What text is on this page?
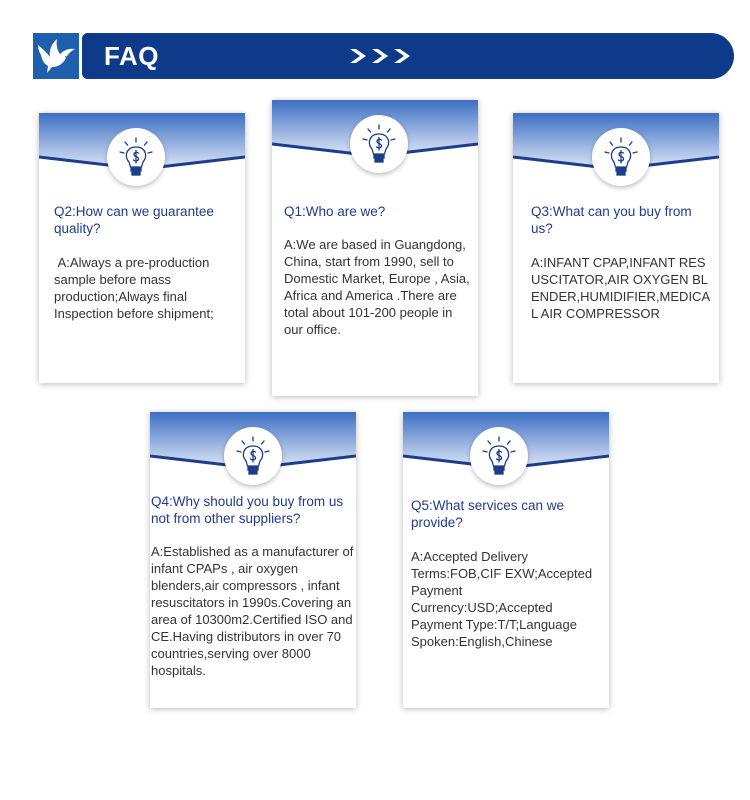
FAQ
Q2:How can we guarantee quality?
A:Always a pre-production sample before mass production;Always final Inspection before shipment;
Q1:Who are we?
A:We are based in Guangdong, China, start from 1990, sell to Domestic Market, Europe , Asia, Africa and America .There are total about 101-200 people in our office.
Q3:What can you buy from us?
A:INFANT CPAP,INFANT RESUSCITATOR,AIR OXYGEN BLENDER,HUMIDIFIER,MEDICAL AIR COMPRESSOR
Q4:Why should you buy from us not from other suppliers?
A:Established as a manufacturer of infant CPAPs , air oxygen blenders,air compressors , infant resuscitators in 1990s.Covering an area of 10300m2.Certified ISO and CE.Having distributors in over 70 countries,serving over 8000 hospitals.
Q5:What services can we provide?
A:Accepted Delivery Terms:FOB,CIF EXW;Accepted Payment Currency:USD;Accepted Payment Type:T/T;Language Spoken:English,Chinese
